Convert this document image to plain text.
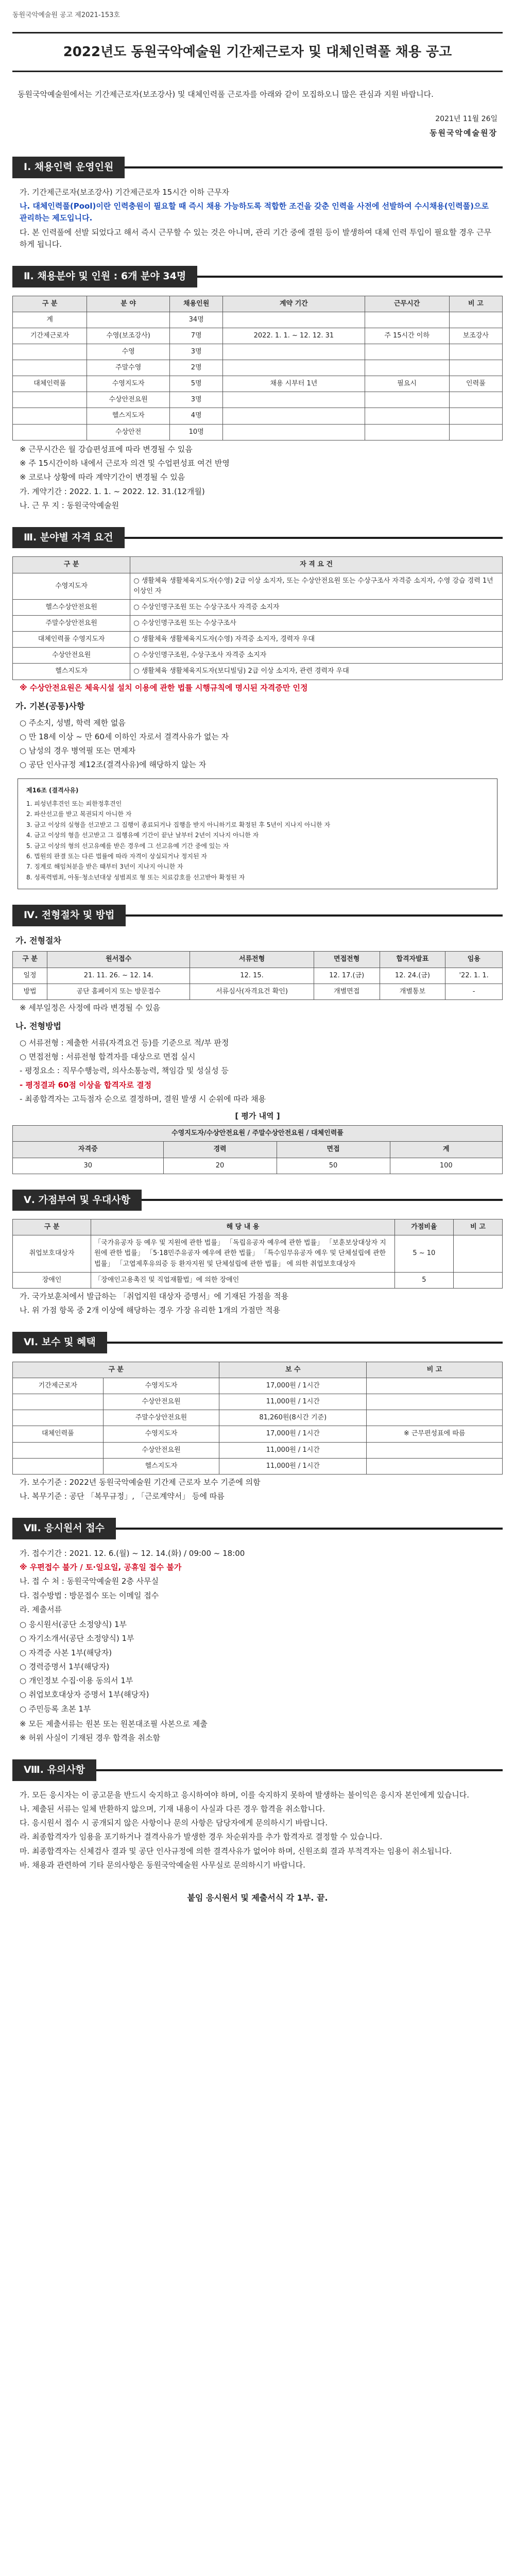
동원국악예술원 공고 제2021-153호
2022년도 동원국악예술원 기간제근로자 및 대체인력풀 채용 공고
동원국악예술원에서는 기간제근로자(보조강사) 및 대체인력풀 근로자를 아래와 같이 모집하오니 많은 관심과 지원 바랍니다.
2021년 11월 26일
동원국악예술원장
Ⅰ. 채용인력 운영인원

가. 기간제근로자(보조강사) 기간제근로자 15시간 이하 근무자

나. 대체인력풀(Pool)이란 인력충원이 필요할 때 즉시 채용 가능하도록 적합한 조건을 갖춘 인력을 사전에 선발하여 수시채용(인력풀)으로 관리하는 제도입니다.

다. 본 인력풀에 선발 되었다고 해서 즉시 근무할 수 있는 것은 아니며, 관리 기간 중에 결원 등이 발생하여 대체 인력 투입이 필요할 경우 근무하게 됩니다.

Ⅱ. 채용분야 및 인원 : 6개 분야 34명
구 분	분 야	채용인원	계약 기간	근무시간	비 고
계		34명			
기간제근로자	수영(보조강사)	7명	2022. 1. 1. ~ 12. 12. 31	주 15시간 이하	보조강사
	수영	3명			
	주말수영	2명			
대체인력풀	수영지도자	5명	채용 시부터 1년	필요시	인력풀
	수상안전요원	3명			
	헬스지도자	4명			
	수상안전	10명			
※ 근무시간은 월 강습편성표에 따라 변경될 수 있음
※ 주 15시간이하 내에서 근로자 의견 및 수업편성표 여건 반영
※ 코로나 상황에 따라 계약기간이 변경될 수 있음
가. 계약기간 : 2022. 1. 1. ~ 2022. 12. 31.(12개월)
나. 근 무 지 : 동원국악예술원
Ⅲ. 분야별 자격 요건
구 분	자 격 요 건
수영지도자	○ 생활체육 생활체육지도자(수영) 2급 이상 소지자, 또는 수상안전요원 또는 수상구조사 자격증 소지자, 수영 강습 경력 1년 이상인 자
헬스수상안전요원	○ 수상인명구조원 또는 수상구조사 자격증 소지자
주말수상안전요원	○ 수상인명구조원 또는 수상구조사
대체인력풀 수영지도자	○ 생활체육 생활체육지도자(수영) 자격증 소지자, 경력자 우대
수상안전요원	○ 수상인명구조원, 수상구조사 자격증 소지자
헬스지도자	○ 생활체육 생활체육지도자(보디빌딩) 2급 이상 소지자, 관련 경력자 우대

※ 수상안전요원은 체육시설 설치 이용에 관한 법률 시행규칙에 명시된 자격증만 인정

가. 기본(공통)사항
○ 주소지, 성별, 학력 제한 없음
○ 만 18세 이상 ~ 만 60세 이하인 자로서 결격사유가 없는 자
○ 남성의 경우 병역필 또는 면제자
○ 공단 인사규정 제12조(결격사유)에 해당하지 않는 자
제16조 (결격사유)
1. 피성년후견인 또는 피한정후견인
2. 파산선고를 받고 복권되지 아니한 자
3. 금고 이상의 실형을 선고받고 그 집행이 종료되거나 집행을 받지 아니하기로 확정된 후 5년이 지나지 아니한 자
4. 금고 이상의 형을 선고받고 그 집행유예 기간이 끝난 날부터 2년이 지나지 아니한 자
5. 금고 이상의 형의 선고유예를 받은 경우에 그 선고유예 기간 중에 있는 자
6. 법원의 판결 또는 다른 법률에 따라 자격이 상실되거나 정지된 자
7. 징계로 해임처분을 받은 때부터 3년이 지나지 아니한 자
8. 성폭력범죄, 아동·청소년대상 성범죄로 형 또는 치료감호를 선고받아 확정된 자
Ⅳ. 전형절차 및 방법
가. 전형절차
구 분	원서접수	서류전형	면접전형	합격자발표	임용
일정	21. 11. 26. ~ 12. 14.	12. 15.	12. 17.(금)	12. 24.(금)	'22. 1. 1.
방법	공단 홈페이지 또는 방문접수	서류심사(자격요건 확인)	개별면접	개별통보	-

※ 세부일정은 사정에 따라 변경될 수 있음

나. 전형방법
○ 서류전형 : 제출한 서류(자격요건 등)를 기준으로 적/부 판정
○ 면접전형 : 서류전형 합격자를 대상으로 면접 실시
- 평정요소 : 직무수행능력, 의사소통능력, 책임감 및 성실성 등
- 평정결과 60점 이상을 합격자로 결정
- 최종합격자는 고득점자 순으로 결정하며, 결원 발생 시 순위에 따라 채용
[ 평가 내역 ]
수영지도자/수상안전요원 / 주말수상안전요원 / 대체인력풀			
자격증	경력	면접	계
30	20	50	100
Ⅴ. 가점부여 및 우대사항
구 분	해 당 내 용	가점비율	비 고
취업보호대상자	「국가유공자 등 예우 및 지원에 관한 법률」 「독립유공자 예우에 관한 법률」 「보훈보상대상자 지원에 관한 법률」 「5·18민주유공자 예우에 관한 법률」 「특수임무유공자 예우 및 단체설립에 관한 법률」 「고엽제후유의증 등 환자지원 및 단체설립에 관한 법률」 에 의한 취업보호대상자	5 ~ 10	
장애인	「장애인고용촉진 및 직업재활법」에 의한 장애인	5	

가. 국가보훈처에서 발급하는 「취업지원 대상자 증명서」에 기재된 가점을 적용

나. 위 가점 항목 중 2개 이상에 해당하는 경우 가장 유리한 1개의 가점만 적용

Ⅵ. 보수 및 혜택
구 분		보 수	비 고
기간제근로자	수영지도자	17,000원 / 1시간	
	수상안전요원	11,000원 / 1시간	
	주말수상안전요원	81,260원(8시간 기준)	
대체인력풀	수영지도자	17,000원 / 1시간	※ 근무편성표에 따름
	수상안전요원	11,000원 / 1시간	
	헬스지도자	11,000원 / 1시간	

가. 보수기준 : 2022년 동원국악예술원 기간제 근로자 보수 기준에 의함

나. 복무기준 : 공단 「복무규정」, 「근로계약서」 등에 따름

Ⅶ. 응시원서 접수

가. 접수기간 : 2021. 12. 6.(월) ~ 12. 14.(화) / 09:00 ~ 18:00

※ 우편접수 불가 / 토·일요일, 공휴일 접수 불가

나. 접 수 처 : 동원국악예술원 2층 사무실

다. 접수방법 : 방문접수 또는 이메일 접수

라. 제출서류

○ 응시원서(공단 소정양식) 1부
○ 자기소개서(공단 소정양식) 1부
○ 자격증 사본 1부(해당자)
○ 경력증명서 1부(해당자)
○ 개인정보 수집·이용 동의서 1부
○ 취업보호대상자 증명서 1부(해당자)
○ 주민등록 초본 1부

※ 모든 제출서류는 원본 또는 원본대조필 사본으로 제출

※ 허위 사실이 기재된 경우 합격을 취소함

Ⅷ. 유의사항
가. 모든 응시자는 이 공고문을 반드시 숙지하고 응시하여야 하며, 이를 숙지하지 못하여 발생하는 불이익은 응시자 본인에게 있습니다.
나. 제출된 서류는 일체 반환하지 않으며, 기재 내용이 사실과 다른 경우 합격을 취소합니다.
다. 응시원서 접수 시 공개되지 않은 사항이나 문의 사항은 담당자에게 문의하시기 바랍니다.
라. 최종합격자가 임용을 포기하거나 결격사유가 발생한 경우 차순위자를 추가 합격자로 결정할 수 있습니다.
마. 최종합격자는 신체검사 결과 및 공단 인사규정에 의한 결격사유가 없어야 하며, 신원조회 결과 부적격자는 임용이 취소됩니다.
바. 채용과 관련하여 기타 문의사항은 동원국악예술원 사무실로 문의하시기 바랍니다.
붙임 응시원서 및 제출서식 각 1부. 끝.
